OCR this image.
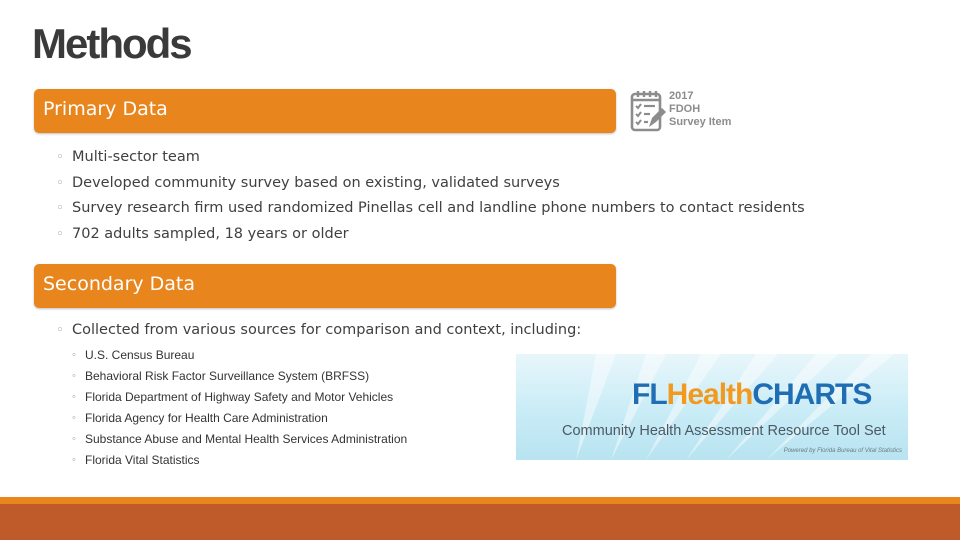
Methods
Primary Data
◦ Multi-sector team
◦ Developed community survey based on existing, validated surveys
◦ Survey research firm used randomized Pinellas cell and landline phone numbers to contact residents
◦ 702 adults sampled, 18 years or older
2017
FDOH
Survey Item
Secondary Data
◦ Collected from various sources for comparison and context, including:
◦ U.S. Census Bureau
◦ Behavioral Risk Factor Surveillance System (BRFSS)
◦ Florida Department of Highway Safety and Motor Vehicles
◦ Florida Agency for Health Care Administration
◦ Substance Abuse and Mental Health Services Administration
◦ Florida Vital Statistics
FLHealthCHARTS
Community Health Assessment Resource Tool Set
Powered by Florida Bureau of Vital Statistics
